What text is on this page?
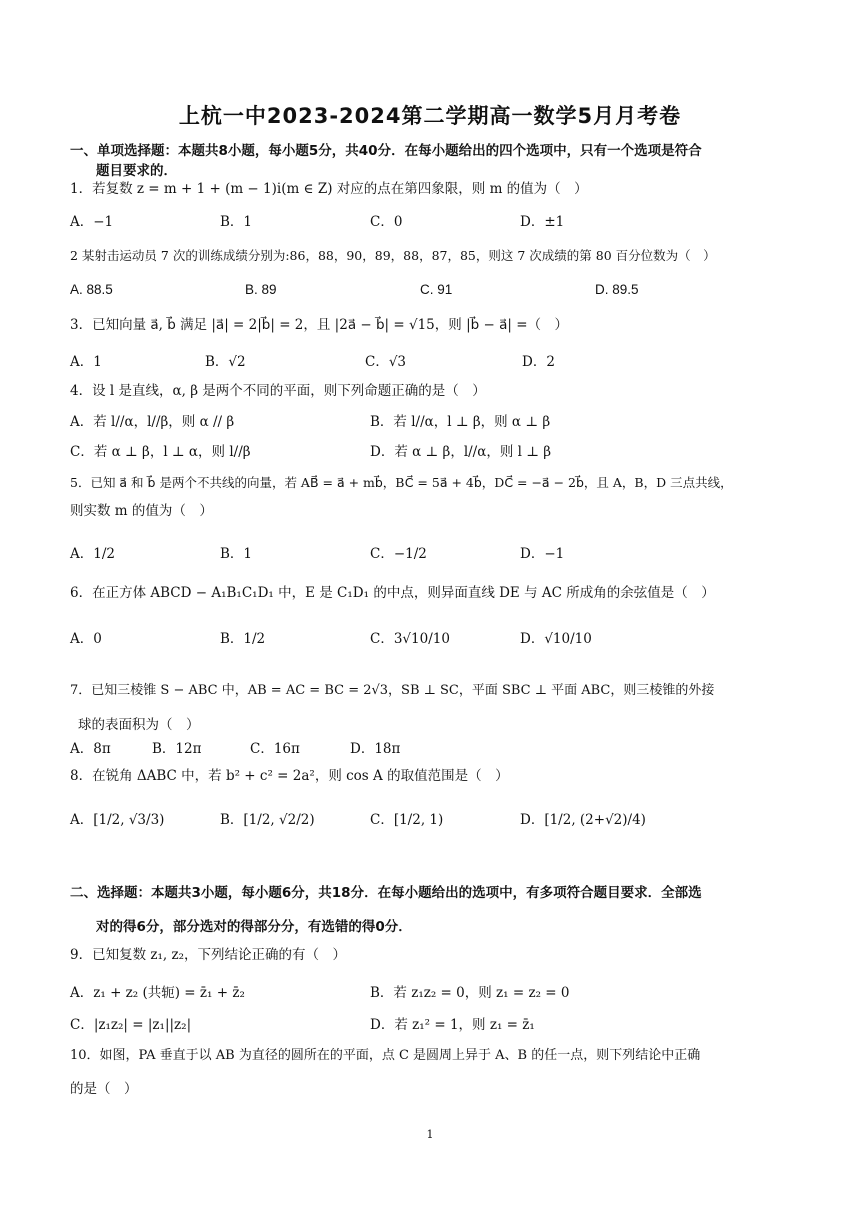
上杭一中2023-2024第二学期高一数学5月月考卷
一、单项选择题：本题共8小题，每小题5分，共40分．在每小题给出的四个选项中，只有一个选项是符合
题目要求的．
1．若复数 z = m + 1 + (m − 1)i(m ∈ Z) 对应的点在第四象限，则 m 的值为（　）
A．−1	B．1	C．0	D．±1
2 某射击运动员 7 次的训练成绩分别为:86，88，90，89，88，87，85，则这 7 次成绩的第 80 百分位数为（　）
A. 88.5	B. 89	C. 91	D. 89.5
3．已知向量 a⃗, b⃗ 满足 |a⃗| = 2|b⃗| = 2，且 |2a⃗ − b⃗| = √15，则 |b⃗ − a⃗| =（　）
A．1	B．√2	C．√3	D．2
4．设 l 是直线，α, β 是两个不同的平面，则下列命题正确的是（　）
A．若 l//α，l//β，则 α // β	B．若 l//α，l ⊥ β，则 α ⊥ β
C．若 α ⊥ β，l ⊥ α，则 l//β	D．若 α ⊥ β，l//α，则 l ⊥ β
5．已知 a⃗ 和 b⃗ 是两个不共线的向量，若 AB⃗ = a⃗ + mb⃗，BC⃗ = 5a⃗ + 4b⃗，DC⃗ = −a⃗ − 2b⃗，且 A，B，D 三点共线，
则实数 m 的值为（　）
A．1/2	B．1	C．−1/2	D．−1
6．在正方体 ABCD − A₁B₁C₁D₁ 中，E 是 C₁D₁ 的中点，则异面直线 DE 与 AC 所成角的余弦值是（　）
A．0	B．1/2	C．3√10/10	D．√10/10
7．已知三棱锥 S − ABC 中，AB = AC = BC = 2√3，SB ⊥ SC，平面 SBC ⊥ 平面 ABC，则三棱锥的外接
球的表面积为（　）
A．8π	B．12π	C．16π	D．18π
8．在锐角 ΔABC 中，若 b² + c² = 2a²，则 cos A 的取值范围是（　）
A．[1/2, √3/3)	B．[1/2, √2/2)	C．[1/2, 1)	D．[1/2, (2+√2)/4)
二、选择题：本题共3小题，每小题6分，共18分．在每小题给出的选项中，有多项符合题目要求．全部选
对的得6分，部分选对的得部分分，有选错的得0分．
9．已知复数 z₁, z₂，下列结论正确的有（　）
A．z₁ + z₂ (共轭) = z̄₁ + z̄₂	B．若 z₁z₂ = 0，则 z₁ = z₂ = 0
C．|z₁z₂| = |z₁||z₂|	D．若 z₁² = 1，则 z₁ = z̄₁
10．如图，PA 垂直于以 AB 为直径的圆所在的平面，点 C 是圆周上异于 A、B 的任一点，则下列结论中正确
的是（　）
1
